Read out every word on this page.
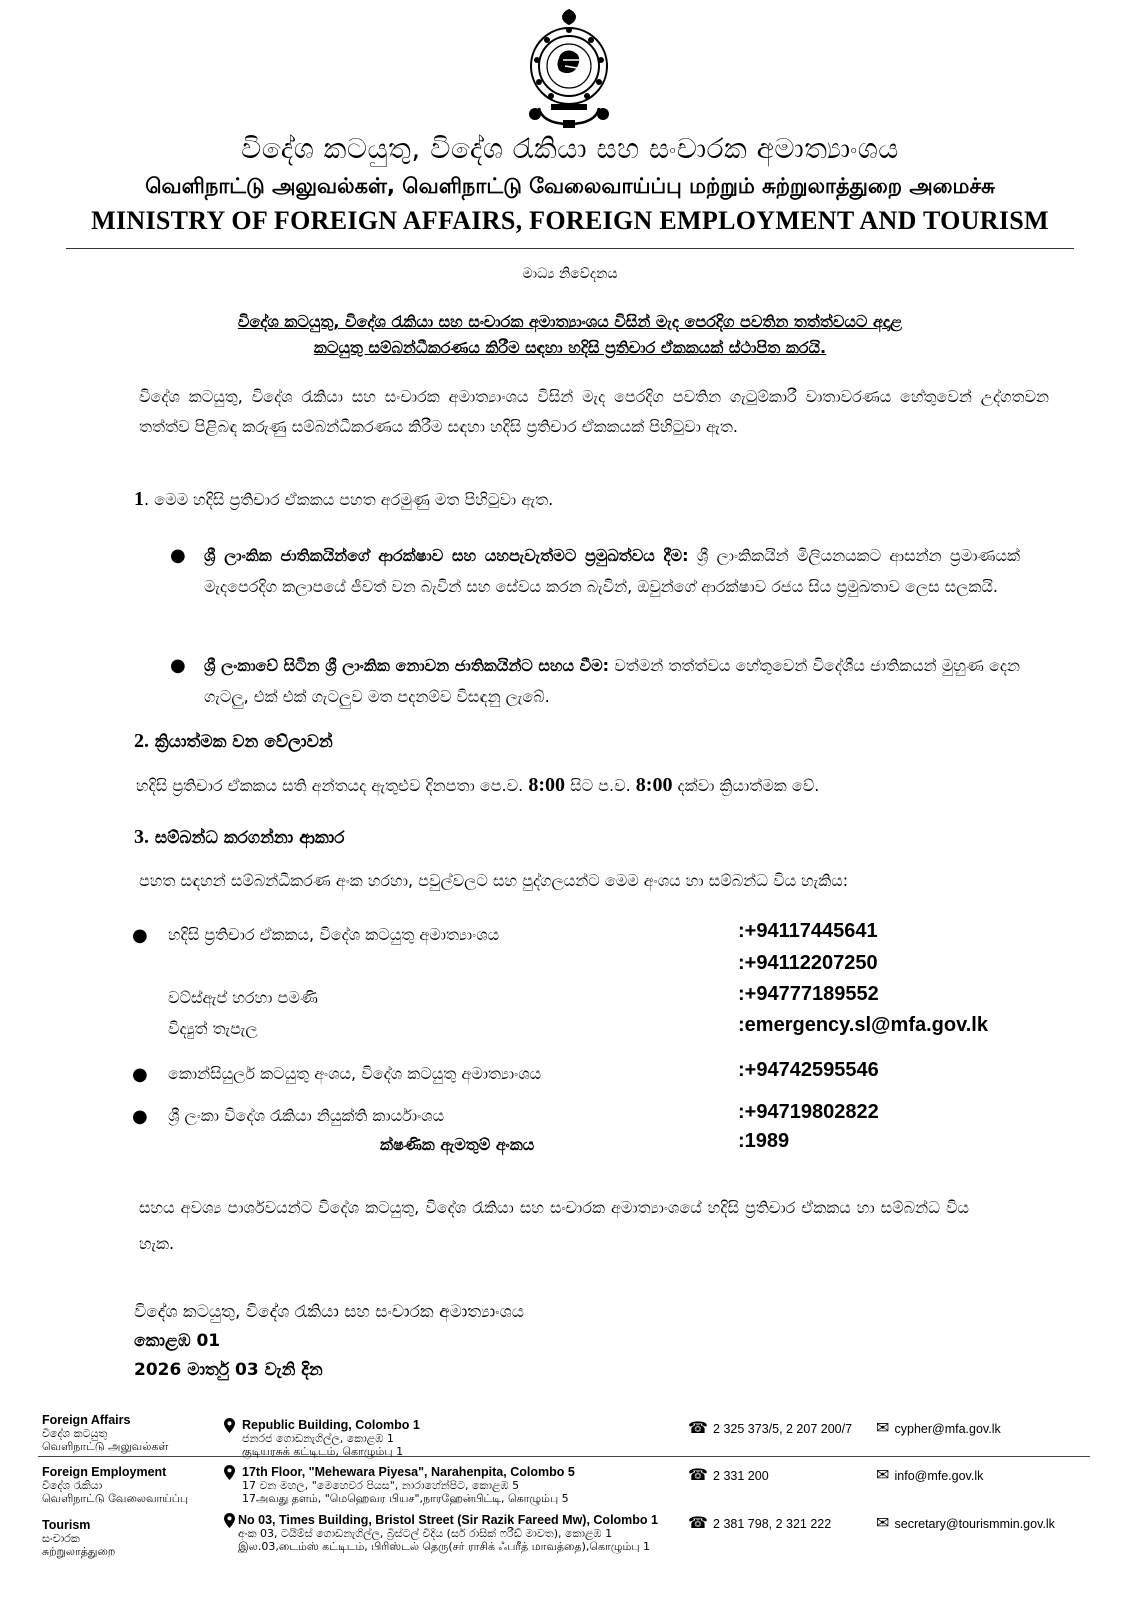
විදේශ කටයුතු, විදේශ රැකියා සහ සංචාරක අමාත්‍යාංශය
வெளிநாட்டு அலுவல்கள், வெளிநாட்டு வேலைவாய்ப்பு மற்றும் சுற்றுலாத்துறை அமைச்சு
MINISTRY OF FOREIGN AFFAIRS, FOREIGN EMPLOYMENT AND TOURISM
මාධ්‍ය නිවේදනය
විදේශ කටයුතු, විදේශ රැකියා සහ සංචාරක අමාත්‍යාංශය විසින් මැද පෙරදිග පවතින තත්ත්වයට අදාළ
කටයුතු සම්බන්ධීකරණය කිරීම සඳහා හදිසි ප්‍රතිචාර ඒකකයක් ස්ථාපිත කරයි.
විදේශ කටයුතු, විදේශ රැකියා සහ සංචාරක අමාත්‍යාංශය විසින් මැද පෙරදිග පවතින ගැටුම්කාරී වාතාවරණය හේතුවෙන් උද්ගතවන තත්ත්ව පිළිබඳ කරුණු සම්බන්ධීකරණය කිරීම සඳහා හදිසි ප්‍රතිචාර ඒකකයක් පිහිටුවා ඇත.
1. මෙම හදිසි ප්‍රතිචාර ඒකකය පහත අරමුණු මත පිහිටුවා ඇත.
● ශ්‍රී ලාංකික ජාතිකයින්ගේ ආරක්ෂාව සහ යහපැවැත්මට ප්‍රමුඛත්වය දීම: ශ්‍රී ලාංකිකයින් මිලියනයකට ආසන්න ප්‍රමාණයක් මැදපෙරදිග කලාපයේ ජීවත් වන බැවින් සහ සේවය කරන බැවින්, ඔවුන්ගේ ආරක්ෂාව රජය සිය ප්‍රමුඛතාව ලෙස සලකයි.
● ශ්‍රී ලංකාවේ සිටින ශ්‍රී ලාංකික නොවන ජාතිකයින්ට සහය වීම: වත්මන් තත්ත්වය හේතුවෙන් විදේශීය ජාතිකයන් මුහුණ දෙන ගැටලු, එක් එක් ගැටලුව මත පදනම්ව විසඳනු ලැබේ.
2. ක්‍රියාත්මක වන වේලාවන්
හදිසි ප්‍රතිචාර ඒකකය සති අන්තයද ඇතුළුව දිනපතා පෙ.ව. 8:00 සිට ප.ව. 8:00 දක්වා ක්‍රියාත්මක වේ.
3. සම්බන්ධ කරගන්නා ආකාර
පහත සඳහන් සම්බන්ධීකරණ අංක හරහා, පවුල්වලට සහ පුද්ගලයන්ට මෙම අංශය හා සම්බන්ධ විය හැකිය:
● හදිසි ප්‍රතිචාර ඒකකය, විදේශ කටයුතු අමාත්‍යාංශය	:+94117445641
:+94112207250
වට්ස්ඇප් හරහා පමණි	:+94777189552
විද්‍යුත් තැපැල	:emergency.sl@mfa.gov.lk
● කොන්සියුලර් කටයුතු අංශය, විදේශ කටයුතු අමාත්‍යාංශය	:+94742595546
● ශ්‍රී ලංකා විදේශ රැකියා නියුක්ති කාර්යාංශය	:+94719802822
ක්ෂණික ඇමතුම් අංකය	:1989
සහය අවශ්‍ය පාර්ශවයන්ට විදේශ කටයුතු, විදේශ රැකියා සහ සංචාරක අමාත්‍යාංශයේ හදිසි ප්‍රතිචාර ඒකකය හා සම්බන්ධ විය හැක.
විදේශ කටයුතු, විදේශ රැකියා සහ සංචාරක අමාත්‍යාංශය
කොළඹ 01
2026 මාර්තු 03 වැනි දින
Foreign Affairs
විදේශ කටයුතු
வெளிநாட்டு அலுவல்கள்
Republic Building, Colombo 1
ජනරජ ගොඩනැගිල්ල, කොළඹ 1
குடியரசுக் கட்டிடம், கொழும்பு 1
☎ 2 325 373/5, 2 207 200/7 ✉ cypher@mfa.gov.lk
Foreign Employment
විදේශ රැකියා
வெளிநாட்டு வேலைவாய்ப்பு
17th Floor, "Mehewara Piyesa", Narahenpita, Colombo 5
17 වන මහල, "මෙහෙවර පියස", නාරාහේන්පිට, කොළඹ 5
17அவது தளம், "மெஹெவர பியச",நாரஹேன்பிட்டி, கொழும்பு 5
☎ 2 331 200	✉ info@mfe.gov.lk
Tourism
සංචාරක
சுற்றுலாத்துறை
No 03, Times Building, Bristol Street (Sir Razik Fareed Mw), Colombo 1
අංක 03, ටයිම්ස් ගොඩනැගිල්ල, බ්‍රිස්ටල් වීදිය (සර් රාසික් ෆරීඩ් මාවත), කොළඹ 1
இல.03,டைம்ஸ் கட்டிடம், பிரிஸ்டல் தெரு(சர் ராசிக் ஃபரீத் மாவத்தை),கொழும்பு 1
☎ 2 381 798, 2 321 222	✉ secretary@tourismmin.gov.lk
